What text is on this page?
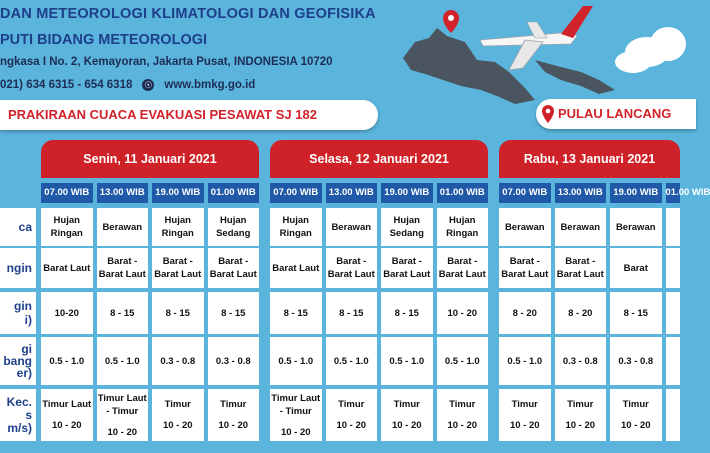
DAN METEOROLOGI KLIMATOLOGI DAN GEOFISIKA
PUTI BIDANG METEOROLOGI
ngkasa I No. 2, Kemayoran, Jakarta Pusat, INDONESIA 10720
021) 634 6315 - 654 6318 ☉ www.bmkg.go.id
PRAKIRAAN CUACA EVAKUASI PESAWAT SJ 182	PULAU LANCANG
ca
ngin
gin
i)
gi
bang
er)
Kec.
s
m/s)
Senin, 11 Januari 2021
07.00 WIB
Hujan Ringan
Barat Laut
10-20
0.5 - 1.0
Timur Laut
10 - 20
13.00 WIB
Berawan
Barat - Barat Laut
8 - 15
0.5 - 1.0
Timur Laut - Timur
10 - 20
19.00 WIB
Hujan Ringan
Barat - Barat Laut
8 - 15
0.3 - 0.8
Timur
10 - 20
01.00 WIB
Hujan Sedang
Barat - Barat Laut
8 - 15
0.3 - 0.8
Timur
10 - 20
Selasa, 12 Januari 2021
07.00 WIB
Hujan Ringan
Barat Laut
8 - 15
0.5 - 1.0
Timur Laut - Timur
10 - 20
13.00 WIB
Berawan
Barat - Barat Laut
8 - 15
0.5 - 1.0
Timur
10 - 20
19.00 WIB
Hujan Sedang
Barat - Barat Laut
8 - 15
0.5 - 1.0
Timur
10 - 20
01.00 WIB
Hujan Ringan
Barat - Barat Laut
10 - 20
0.5 - 1.0
Timur
10 - 20
Rabu, 13 Januari 2021
07.00 WIB
Berawan
Barat - Barat Laut
8 - 20
0.5 - 1.0
Timur
10 - 20
13.00 WIB
Berawan
Barat - Barat Laut
8 - 20
0.3 - 0.8
Timur
10 - 20
19.00 WIB
Berawan
Barat
8 - 15
0.3 - 0.8
Timur
10 - 20
01.00 WIB
